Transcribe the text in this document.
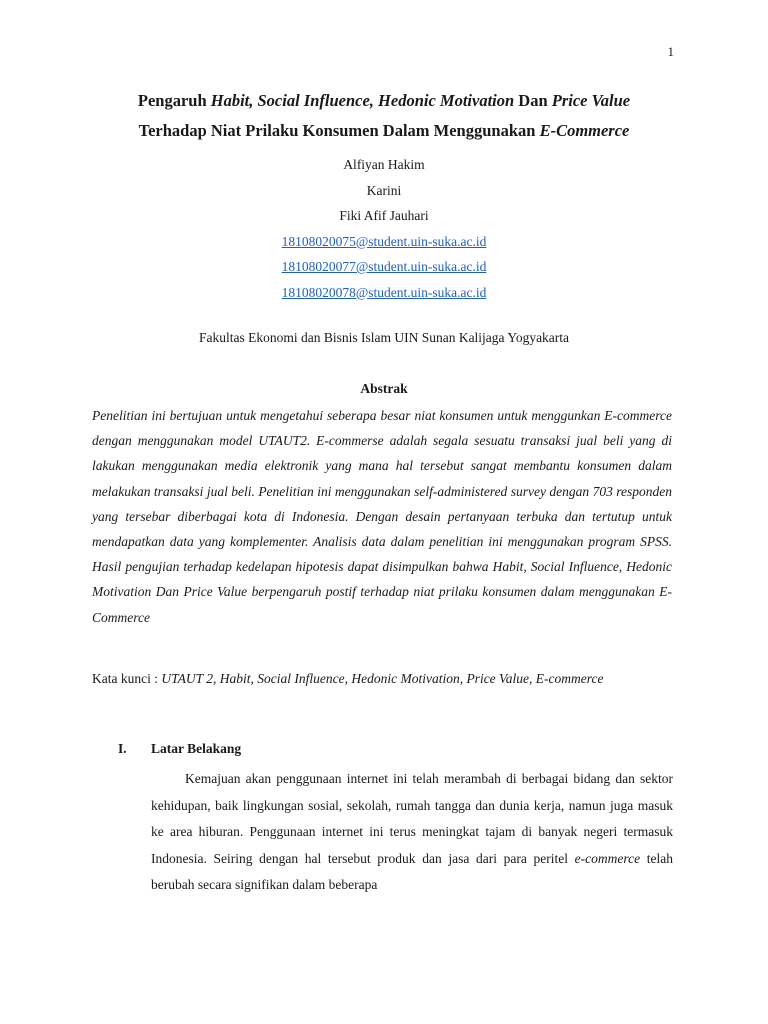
1
Pengaruh Habit, Social Influence, Hedonic Motivation Dan Price Value
Terhadap Niat Prilaku Konsumen Dalam Menggunakan E-Commerce
Alfiyan Hakim
Karini
Fiki Afif Jauhari
18108020075@student.uin-suka.ac.id
18108020077@student.uin-suka.ac.id
18108020078@student.uin-suka.ac.id
Fakultas Ekonomi dan Bisnis Islam UIN Sunan Kalijaga Yogyakarta
Abstrak

Penelitian ini bertujuan untuk mengetahui seberapa besar niat konsumen untuk menggunkan E-commerce dengan menggunakan model UTAUT2. E-commerse adalah segala sesuatu transaksi jual beli yang di lakukan menggunakan media elektronik yang mana hal tersebut sangat membantu konsumen dalam melakukan transaksi jual beli. Penelitian ini menggunakan self-administered survey dengan 703 responden yang tersebar diberbagai kota di Indonesia. Dengan desain pertanyaan terbuka dan tertutup untuk mendapatkan data yang komplementer. Analisis data dalam penelitian ini menggunakan program SPSS. Hasil pengujian terhadap kedelapan hipotesis dapat disimpulkan bahwa Habit, Social Influence, Hedonic Motivation Dan Price Value berpengaruh postif terhadap niat prilaku konsumen dalam menggunakan E-Commerce

Kata kunci : UTAUT 2, Habit, Social Influence, Hedonic Motivation, Price Value, E-commerce

I. Latar Belakang

Kemajuan akan penggunaan internet ini telah merambah di berbagai bidang dan sektor kehidupan, baik lingkungan sosial, sekolah, rumah tangga dan dunia kerja, namun juga masuk ke area hiburan. Penggunaan internet ini terus meningkat tajam di banyak negeri termasuk Indonesia. Seiring dengan hal tersebut produk dan jasa dari para peritel e-commerce telah berubah secara signifikan dalam beberapa
